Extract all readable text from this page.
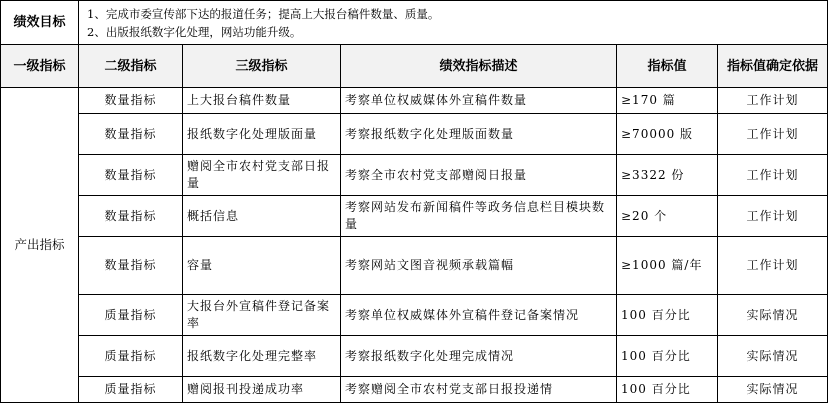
绩效目标	1、完成市委宣传部下达的报道任务；提高上大报台稿件数量、质量。
2、出版报纸数字化处理，网站功能升级。				

一级指标	二级指标	三级指标	绩效指标描述	指标值	指标值确定依据
产出指标	数量指标	上大报台稿件数量	考察单位权威媒体外宣稿件数量	≥170 篇	工作计划
	数量指标	报纸数字化处理版面量	考察报纸数字化处理版面数量	≥70000 版	工作计划
	数量指标	赠阅全市农村党支部日报量	考察全市农村党支部赠阅日报量	≥3322 份	工作计划
	数量指标	概括信息	考察网站发布新闻稿件等政务信息栏目模块数量	≥20 个	工作计划
	数量指标	容量	考察网站文图音视频承载篇幅	≥1000 篇/年	工作计划
	质量指标	大报台外宣稿件登记备案率	考察单位权威媒体外宣稿件登记备案情况	100 百分比	实际情况
	质量指标	报纸数字化处理完整率	考察报纸数字化处理完成情况	100 百分比	实际情况
	质量指标	赠阅报刊投递成功率	考察赠阅全市农村党支部日报投递情	100 百分比	实际情况
